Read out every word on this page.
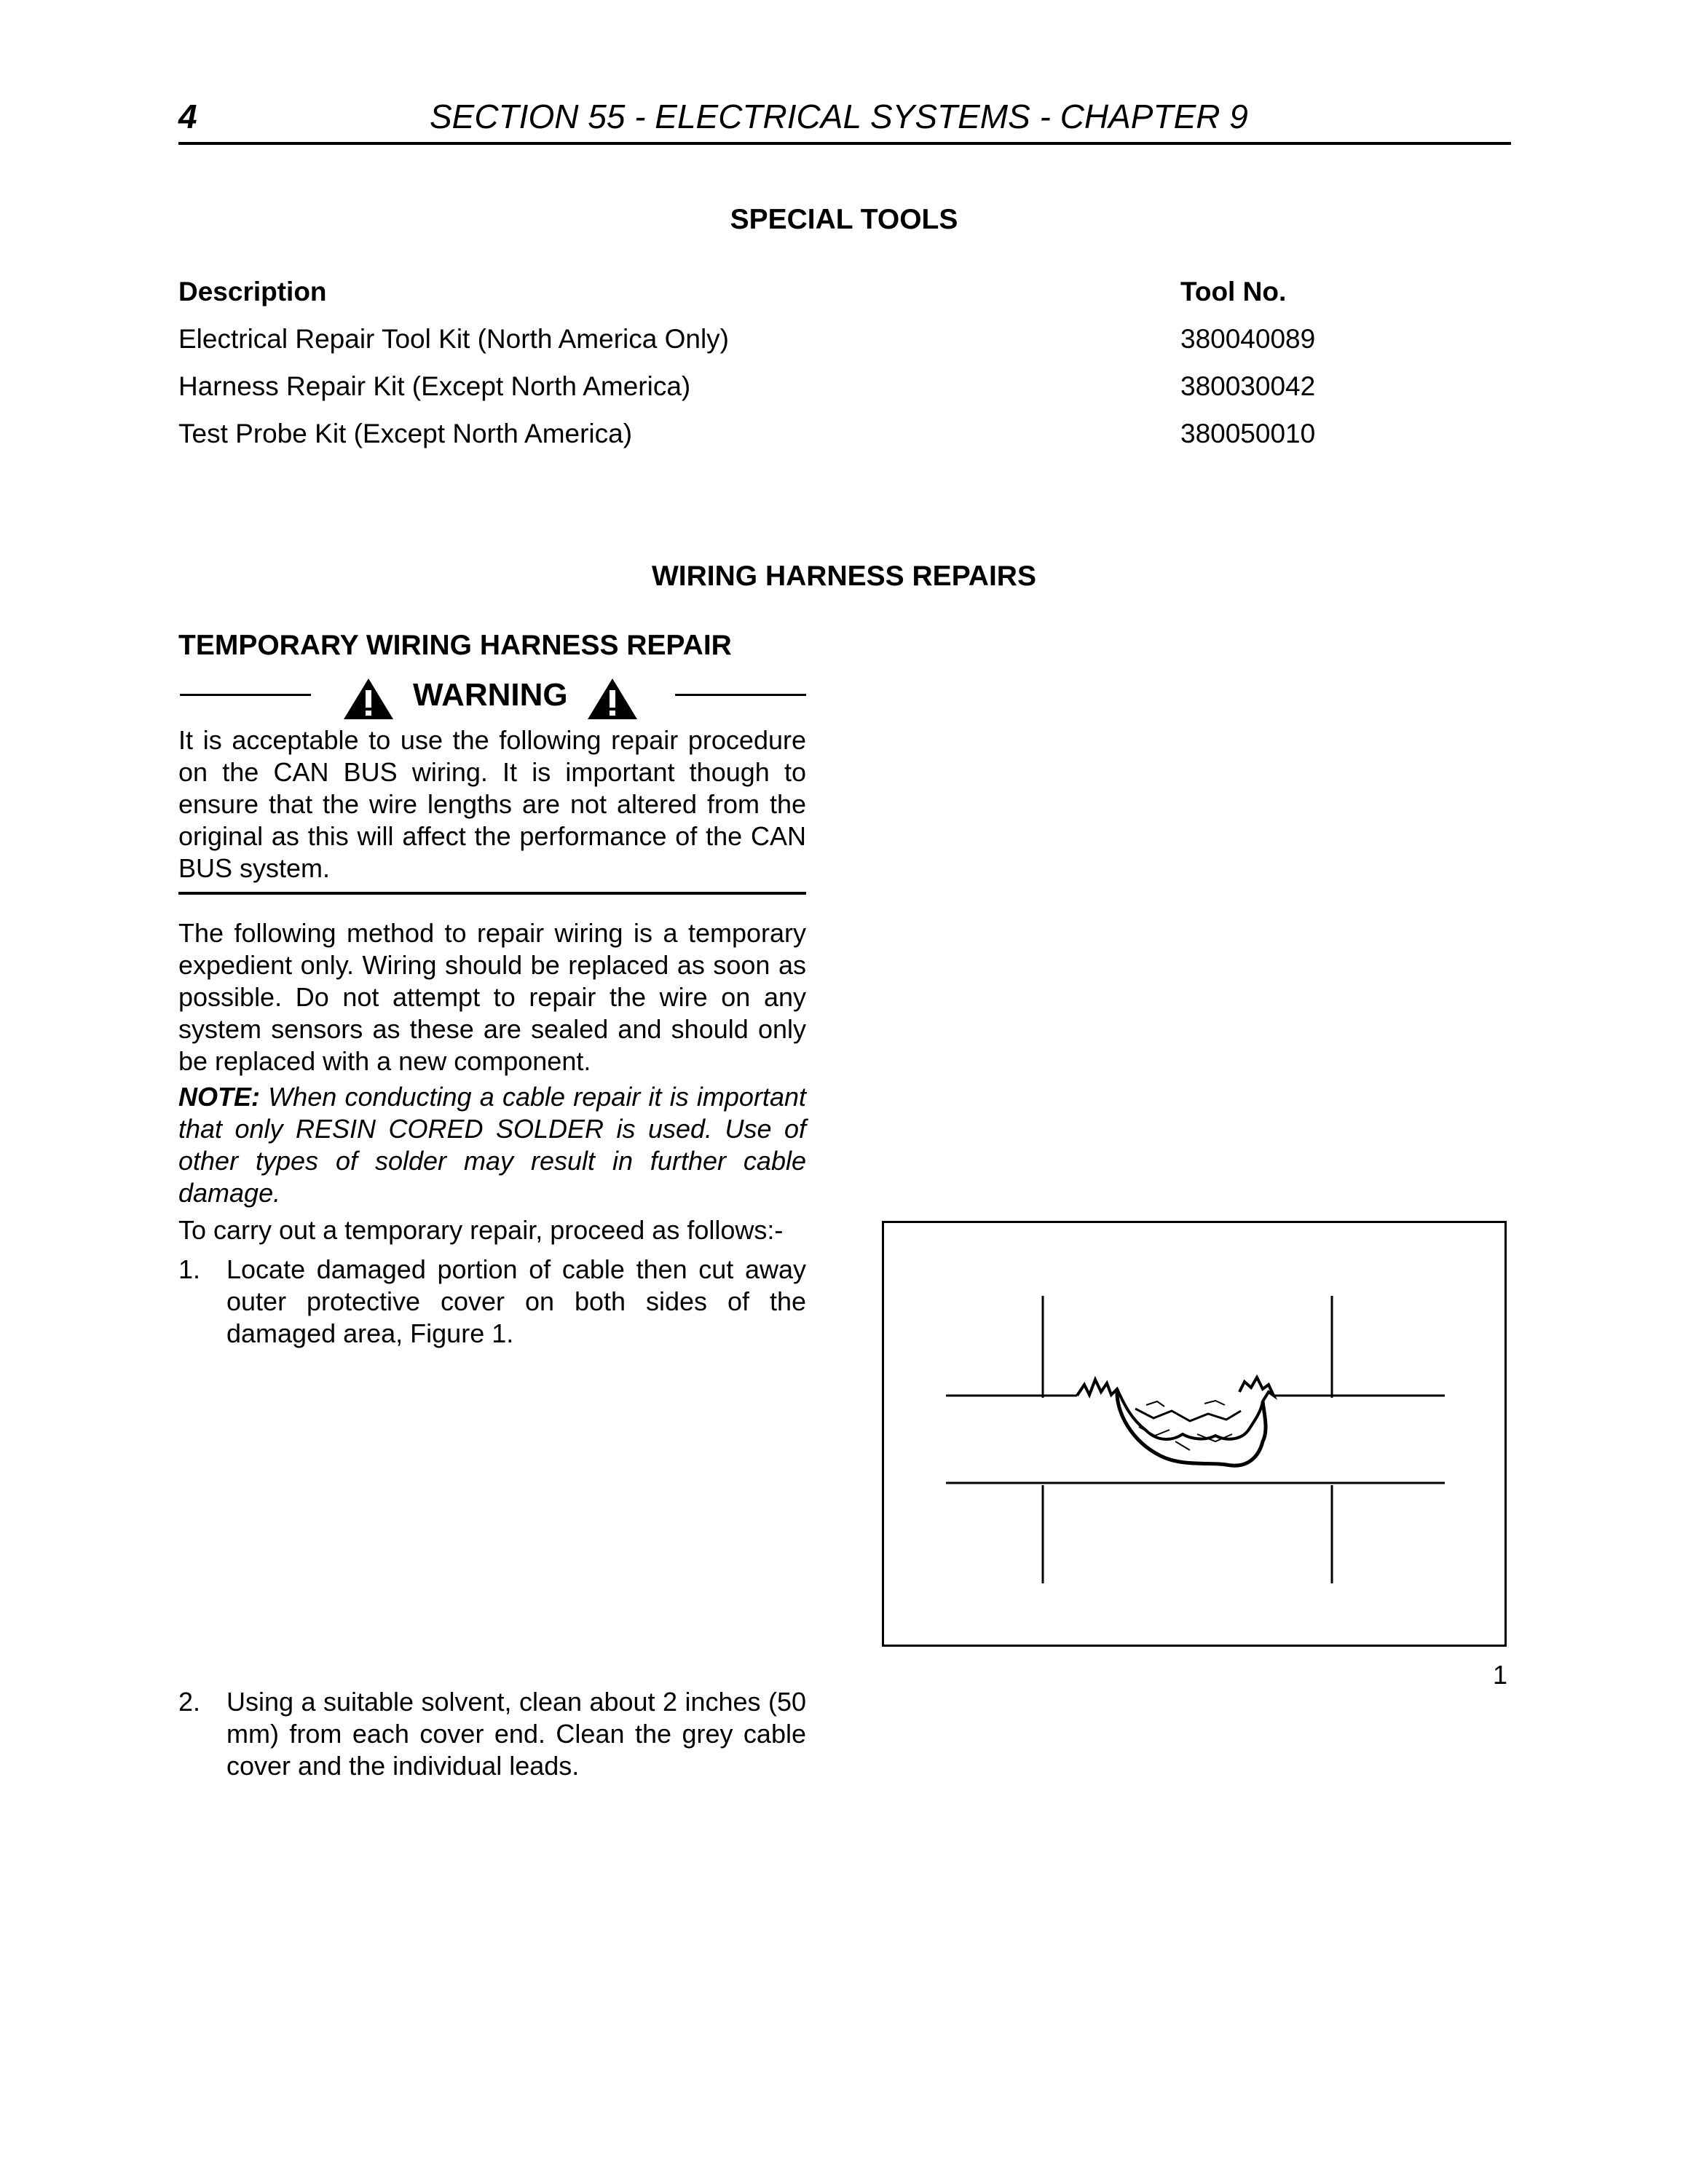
4	SECTION 55 - ELECTRICAL SYSTEMS - CHAPTER 9
SPECIAL TOOLS
Description	Tool No.
Electrical Repair Tool Kit (North America Only)	380040089
Harness Repair Kit (Except North America)	380030042
Test Probe Kit (Except North America)	380050010
WIRING HARNESS REPAIRS
TEMPORARY WIRING HARNESS REPAIR
WARNING

It is acceptable to use the following repair procedure on the CAN BUS wiring. It is important though to ensure that the wire lengths are not altered from the original as this will affect the performance of the CAN BUS system.

The following method to repair wiring is a temporary expedient only. Wiring should be replaced as soon as possible. Do not attempt to repair the wire on any system sensors as these are sealed and should only be replaced with a new component.

NOTE: When conducting a cable repair it is important that only RESIN CORED SOLDER is used. Use of other types of solder may result in further cable damage.

To carry out a temporary repair, proceed as follows:-

1. Locate damaged portion of cable then cut away outer protective cover on both sides of the damaged area, Figure 1.
2. Using a suitable solvent, clean about 2 inches (50 mm) from each cover end. Clean the grey cable cover and the individual leads.
1
